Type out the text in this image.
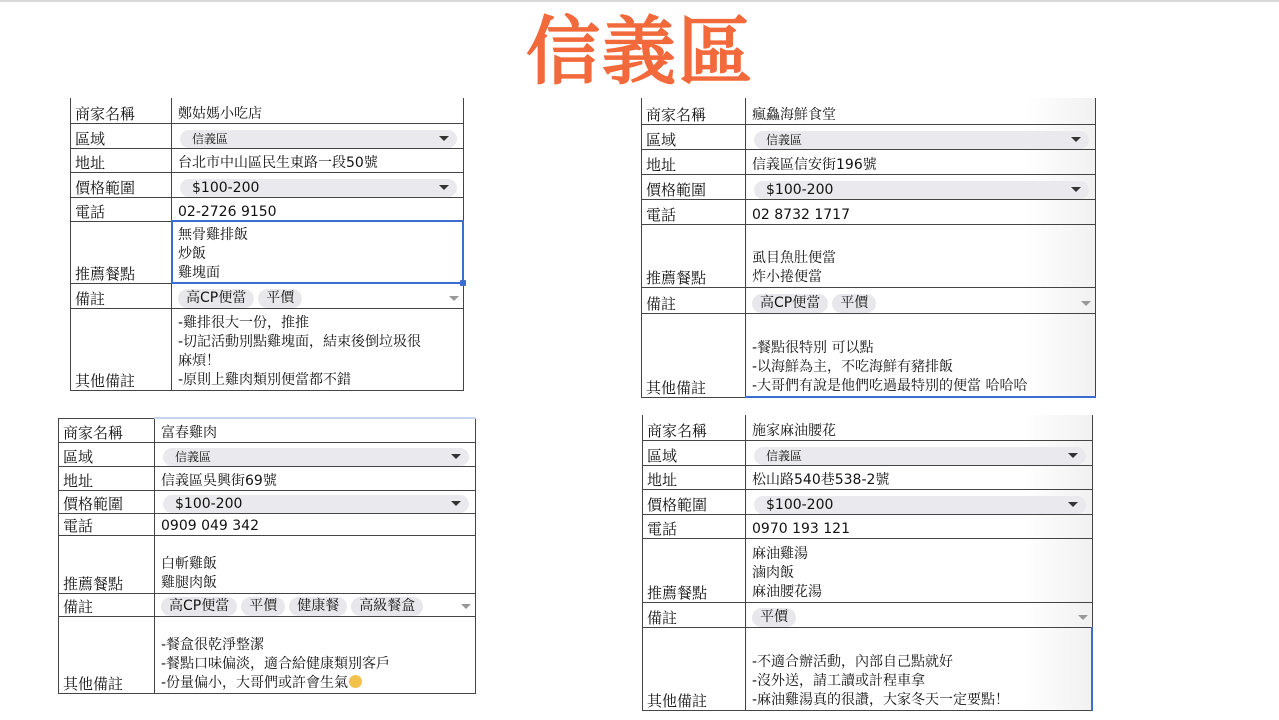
信義區
商家名稱	鄭姑媽小吃店
區域	信義區

地址	台北市中山區民生東路一段50號
價格範圍	$100-200

電話	02-2726 9150
推薦餐點	無骨雞排飯
炒飯
雞塊面

備註	高CP便當 平價

其他備註	-雞排很大一份，推推
-切記活動別點雞塊面，結束後倒垃圾很
麻煩！
-原則上雞肉類別便當都不錯
商家名稱	瘋鱻海鮮食堂
區域	信義區

地址	信義區信安街196號
價格範圍	$100-200

電話	02 8732 1717
推薦餐點	虱目魚肚便當
炸小捲便當

備註	高CP便當 平價

其他備註	-餐點很特別 可以點
-以海鮮為主，不吃海鮮有豬排飯
-大哥們有說是他們吃過最特別的便當 哈哈哈
商家名稱	富春雞肉
區域	信義區

地址	信義區吳興街69號
價格範圍	$100-200

電話	0909 049 342
推薦餐點	白斬雞飯
雞腿肉飯

備註	高CP便當 平價 健康餐 高級餐盒

其他備註	-餐盒很乾淨整潔
-餐點口味偏淡，適合給健康類別客戶
-份量偏小，大哥們或許會生氣
商家名稱	施家麻油腰花
區域	信義區

地址	松山路540巷538-2號
價格範圍	$100-200

電話	0970 193 121
推薦餐點	麻油雞湯
滷肉飯
麻油腰花湯

備註	平價

其他備註	-不適合辦活動，內部自己點就好
-沒外送，請工讀或計程車拿
-麻油雞湯真的很讚，大家冬天一定要點！
